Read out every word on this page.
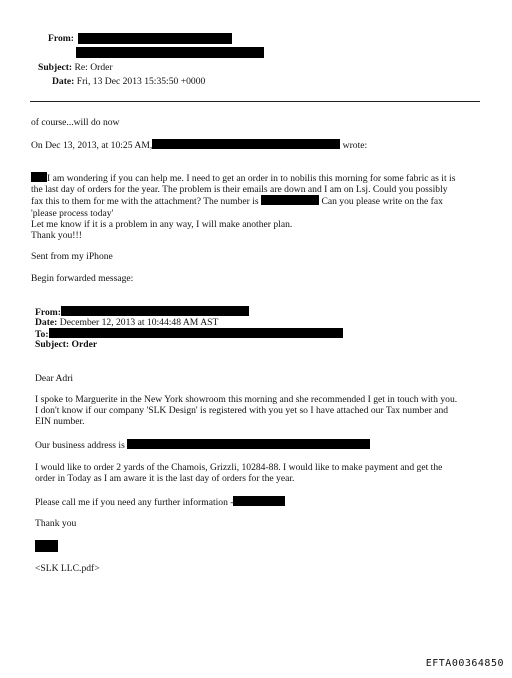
From:
Subject: Re: Order
Date: Fri, 13 Dec 2013 15:35:50 +0000
of course...will do now
On Dec 13, 2013, at 10:25 AM,	wrote:
I am wondering if you can help me. I need to get an order in to nobilis this morning for some fabric as it is
the last day of orders for the year. The problem is their emails are down and I am on Lsj. Could you possibly
fax this to them for me with the attachment? The number is	Can you please write on the fax
'please process today'
Let me know if it is a problem in any way, I will make another plan.
Thank you!!!
Sent from my iPhone
Begin forwarded message:
From:
Date: December 12, 2013 at 10:44:48 AM AST
To:
Subject: Order
Dear Adri
I spoke to Marguerite in the New York showroom this morning and she recommended I get in touch with you.
I don't know if our company 'SLK Design' is registered with you yet so I have attached our Tax number and
EIN number.
Our business address is
I would like to order 2 yards of the Chamois, Grizzli, 10284-88. I would like to make payment and get the
order in Today as I am aware it is the last day of orders for the year.
Please call me if you need any further information -
Thank you
<SLK LLC.pdf>
EFTA00364850
